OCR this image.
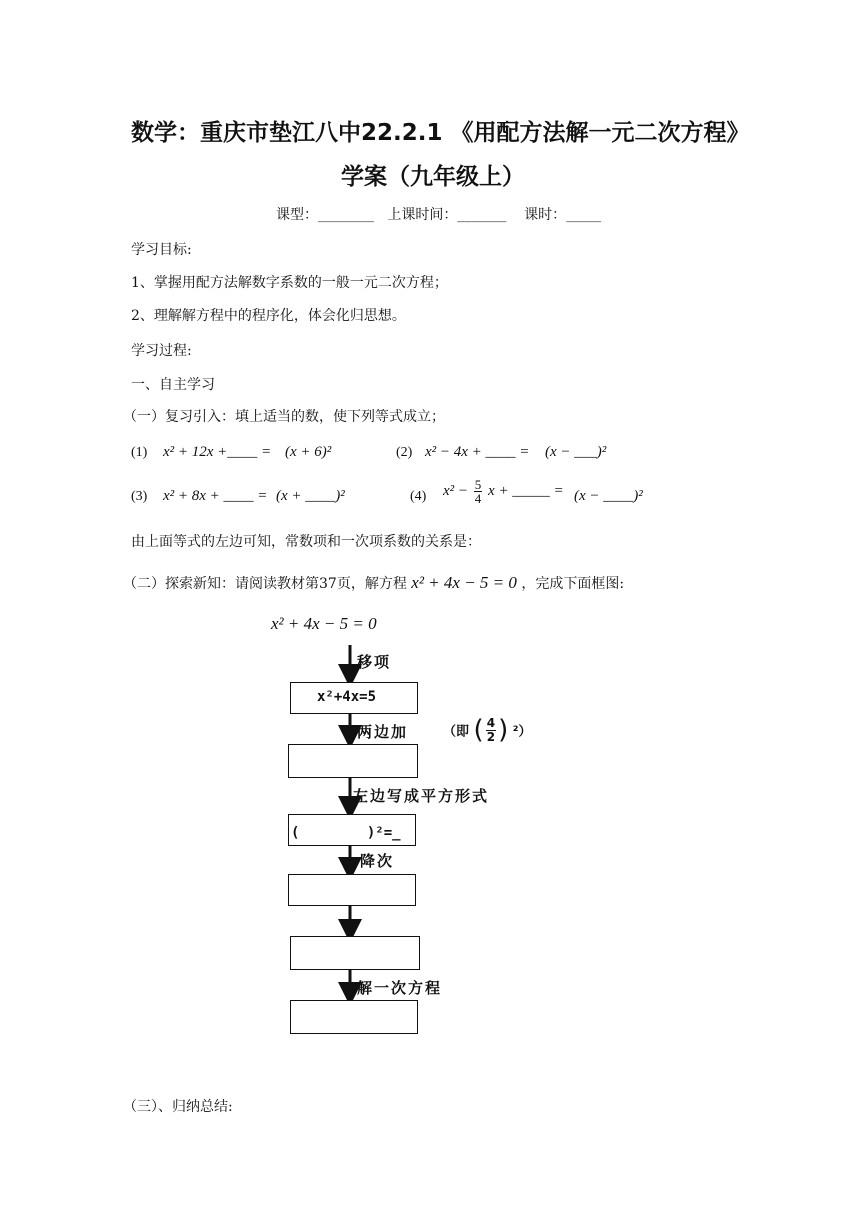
数学：重庆市垫江八中22.2.1 《用配方法解一元二次方程》
学案（九年级上）
课型：________   上课时间：_______    课时：_____
学习目标:
1、掌握用配方法解数字系数的一般一元二次方程；
2、理解解方程中的程序化，体会化归思想。
学习过程:
一、自主学习
（一）复习引入：填上适当的数，使下列等式成立；
(1) x² + 12x +____ = (x + 6)²	(2) x² − 4x + ____ = (x − ___)²
(3) x² + 8x + ____ = (x + ____)²	(4) $x^2 - \frac{5}{4}$ x + _____ = (x − ____)²
由上面等式的左边可知，常数项和一次项系数的关系是：
（二）探索新知：请阅读教材第37页，解方程 x² + 4x − 5 = 0 ，完成下面框图:
x² + 4x − 5 = 0
移项
x²+4x=5
两边加	（即 ( $\frac{4}{2}$ ) ²）
左边写成平方形式
(        )²=_
降次
解一次方程
（三）、归纳总结:
